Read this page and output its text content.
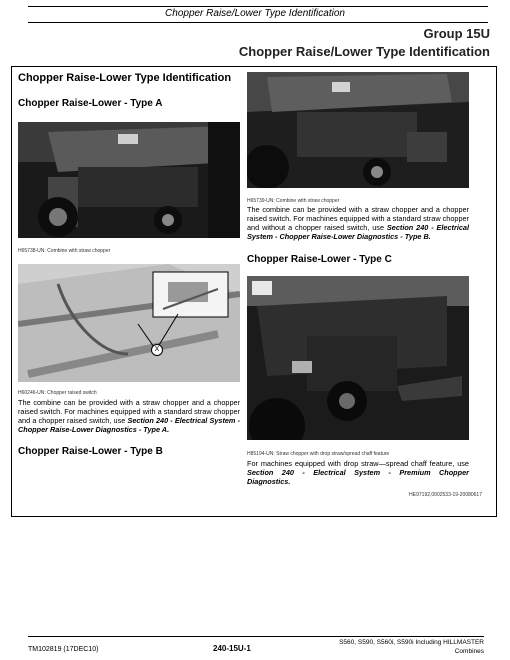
Chopper Raise/Lower Type Identification
Group 15U
Chopper Raise/Lower Type Identification
Chopper Raise-Lower Type Identification
Chopper Raise-Lower - Type A
H65738-UN: Combine with straw chopper
X
H60246-UN: Chopper raised switch
The combine can be provided with a straw chopper and a chopper raised switch. For machines equipped with a standard straw chopper and a chopper raised switch, use Section 240 - Electrical System - Chopper Raise-Lower Diagnostics - Type A.
Chopper Raise-Lower - Type B
H65739-UN: Combine with straw chopper
The combine can be provided with a straw chopper and a chopper raised switch. For machines equipped with a standard straw chopper and without a chopper raised switch, use Section 240 - Electrical System - Chopper Raise-Lower Diagnostics - Type B.
Chopper Raise-Lower - Type C
H85194-UN: Straw chopper with drop straw/spread chaff feature
For machines equipped with drop straw—spread chaff feature, use Section 240 - Electrical System - Premium Chopper Diagnostics.
HE97192,0002533-19-20080617
TM102819 (17DEC10)	240-15U-1
S560, S590, S560i, S590i Including HILLMASTER
Combines
